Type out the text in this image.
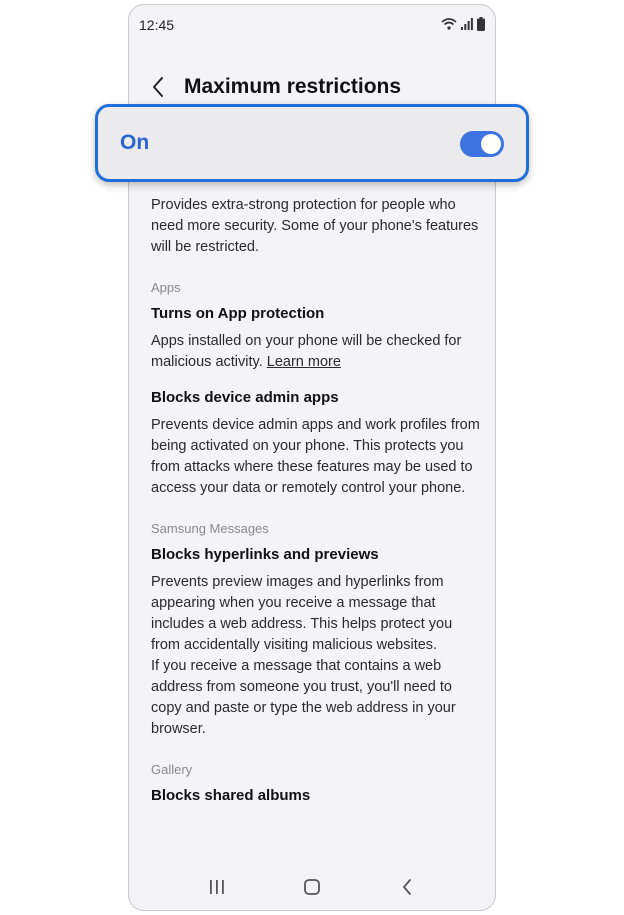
12:45
Maximum restrictions

Provides extra-strong protection for people who need more security. Some of your phone's features will be restricted.

Apps

Turns on App protection

Apps installed on your phone will be checked for malicious activity. Learn more

Blocks device admin apps

Prevents device admin apps and work profiles from being activated on your phone. This protects you from attacks where these features may be used to access your data or remotely control your phone.

Samsung Messages

Blocks hyperlinks and previews

Prevents preview images and hyperlinks from appearing when you receive a message that includes a web address. This helps protect you from accidentally visiting malicious websites.

If you receive a message that contains a web address from someone you trust, you'll need to copy and paste or type the web address in your browser.

Gallery

Blocks shared albums

On
